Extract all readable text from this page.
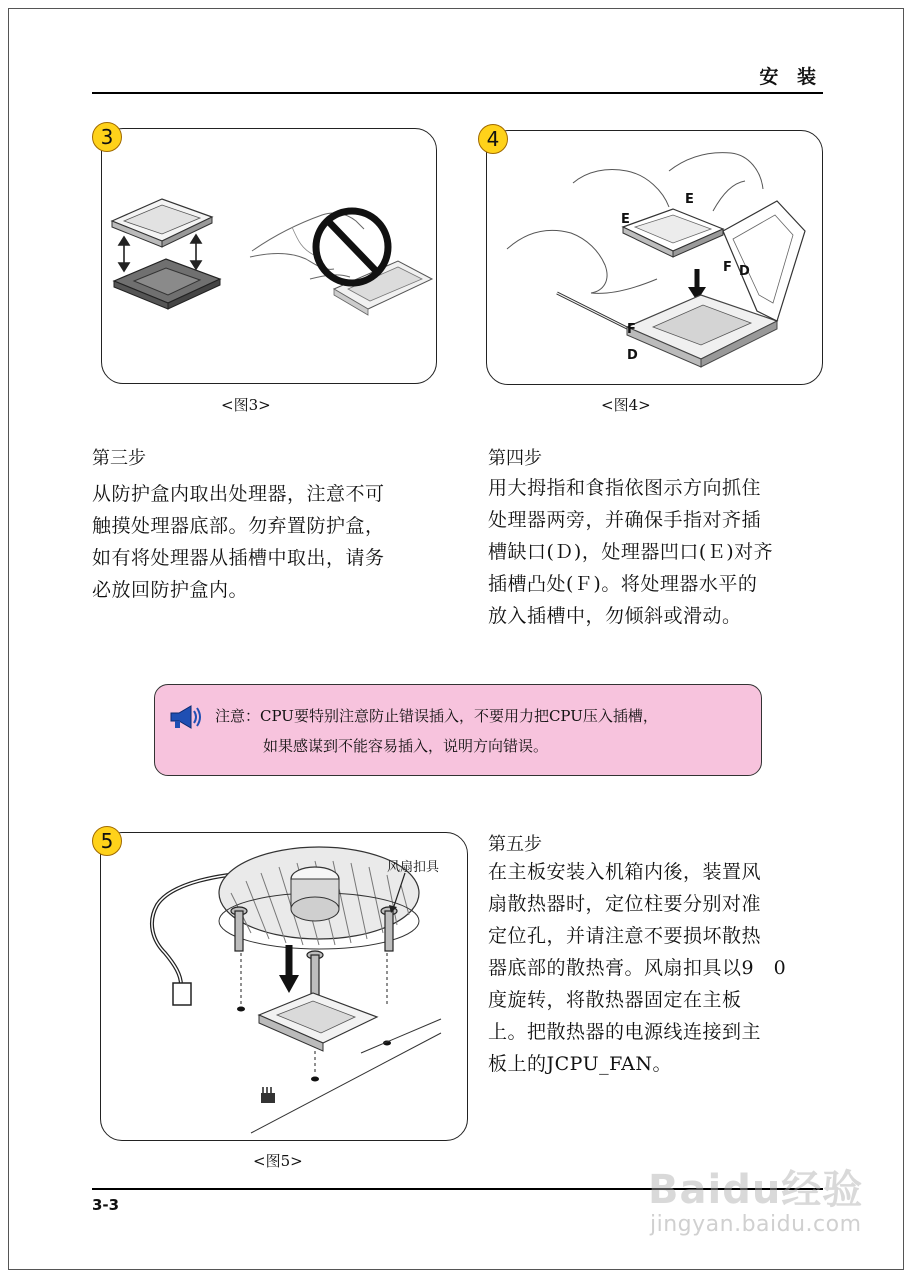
安 装
3
<图3>
E
E
F D
F
D
4
<图4>
第三步

从防护盒内取出处理器，注意不可
触摸处理器底部。勿弃置防护盒，
如有将处理器从插槽中取出，请务
必放回防护盒内。

第四步

用大拇指和食指依图示方向抓住
处理器两旁，并确保手指对齐插
槽缺口(Ｄ)，处理器凹口(Ｅ)对齐
插槽凸处(Ｆ)。将处理器水平的
放入插槽中，勿倾斜或滑动。

注意：CPU要特别注意防止错误插入，不要用力把CPU压入插槽，
如果感谋到不能容易插入，说明方向错误。
风扇扣具
5
<图5>
第五步

在主板安装入机箱内後，装置风
扇散热器时，定位柱要分别对准
定位孔，并请注意不要损坏散热
器底部的散热膏。风扇扣具以9　0
度旋转，将散热器固定在主板
上。把散热器的电源线连接到主
板上的JCPU_FAN。

3-3	Baidu经验
jingyan.baidu.com
